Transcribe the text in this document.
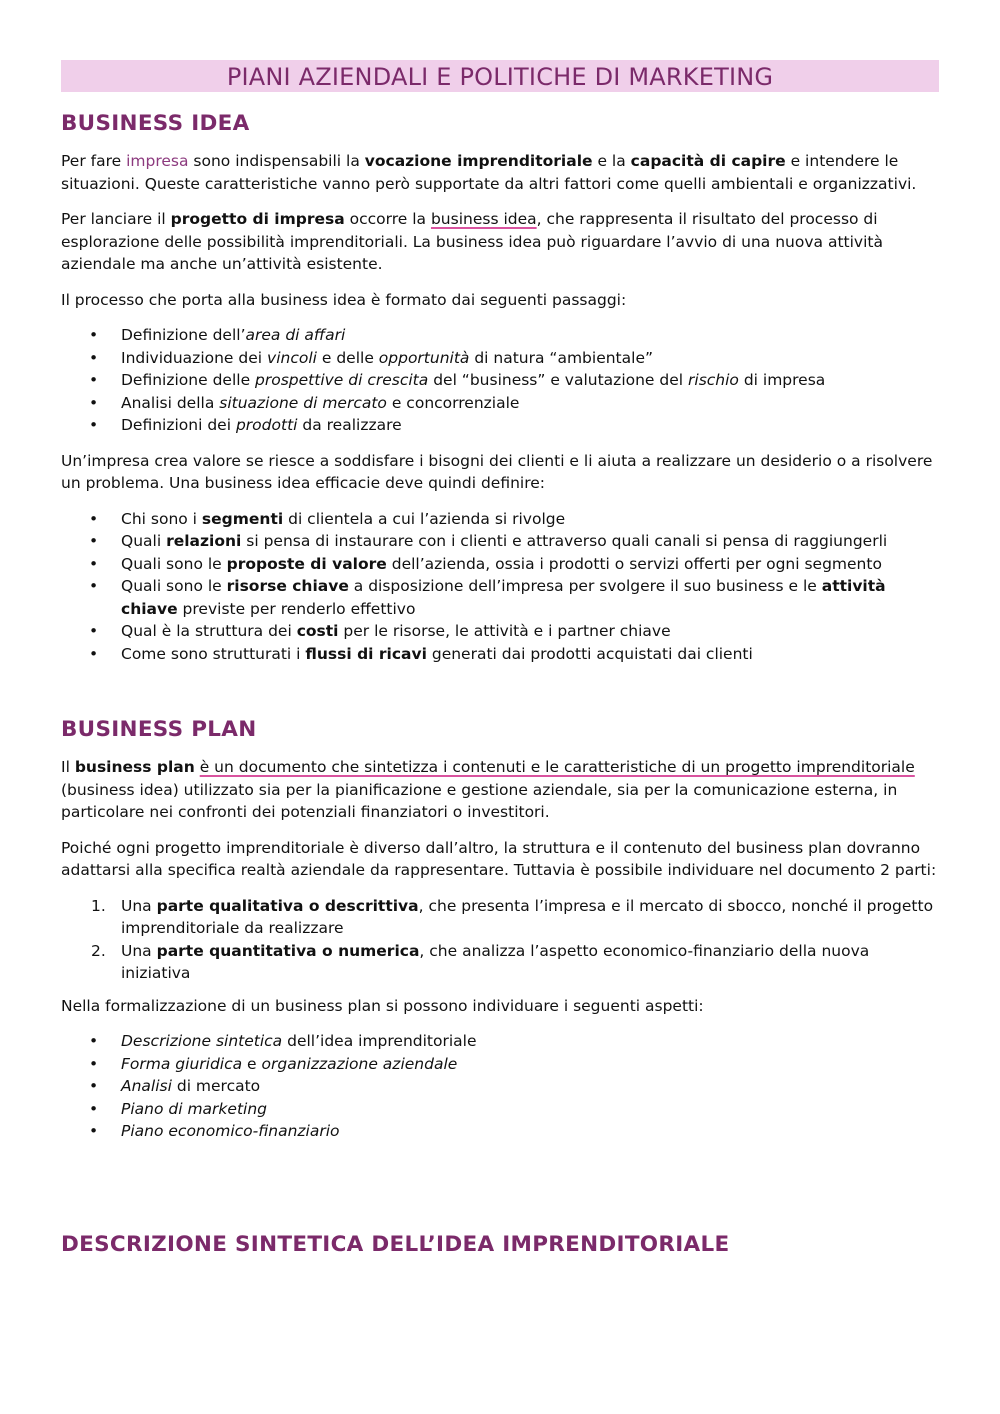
PIANI AZIENDALI E POLITICHE DI MARKETING
BUSINESS IDEA

Per fare impresa sono indispensabili la vocazione imprenditoriale e la capacità di capire e intendere le situazioni. Queste caratteristiche vanno però supportate da altri fattori come quelli ambientali e organizzativi.

Per lanciare il progetto di impresa occorre la business idea, che rappresenta il risultato del processo di esplorazione delle possibilità imprenditoriali. La business idea può riguardare l’avvio di una nuova attività aziendale ma anche un’attività esistente.

Il processo che porta alla business idea è formato dai seguenti passaggi:

• Definizione dell’area di affari
• Individuazione dei vincoli e delle opportunità di natura “ambientale”
• Definizione delle prospettive di crescita del “business” e valutazione del rischio di impresa
• Analisi della situazione di mercato e concorrenziale
• Definizioni dei prodotti da realizzare

Un’impresa crea valore se riesce a soddisfare i bisogni dei clienti e li aiuta a realizzare un desiderio o a risolvere un problema. Una business idea efficacie deve quindi definire:

• Chi sono i segmenti di clientela a cui l’azienda si rivolge
• Quali relazioni si pensa di instaurare con i clienti e attraverso quali canali si pensa di raggiungerli
• Quali sono le proposte di valore dell’azienda, ossia i prodotti o servizi offerti per ogni segmento
• Quali sono le risorse chiave a disposizione dell’impresa per svolgere il suo business e le attività chiave previste per renderlo effettivo
• Qual è la struttura dei costi per le risorse, le attività e i partner chiave
• Come sono strutturati i flussi di ricavi generati dai prodotti acquistati dai clienti
BUSINESS PLAN

Il business plan è un documento che sintetizza i contenuti e le caratteristiche di un progetto imprenditoriale (business idea) utilizzato sia per la pianificazione e gestione aziendale, sia per la comunicazione esterna, in particolare nei confronti dei potenziali finanziatori o investitori.

Poiché ogni progetto imprenditoriale è diverso dall’altro, la struttura e il contenuto del business plan dovranno adattarsi alla specifica realtà aziendale da rappresentare. Tuttavia è possibile individuare nel documento 2 parti:

1. Una parte qualitativa o descrittiva, che presenta l’impresa e il mercato di sbocco, nonché il progetto imprenditoriale da realizzare
2. Una parte quantitativa o numerica, che analizza l’aspetto economico-finanziario della nuova iniziativa

Nella formalizzazione di un business plan si possono individuare i seguenti aspetti:

• Descrizione sintetica dell’idea imprenditoriale
• Forma giuridica e organizzazione aziendale
• Analisi di mercato
• Piano di marketing
• Piano economico-finanziario
DESCRIZIONE SINTETICA DELL’IDEA IMPRENDITORIALE
